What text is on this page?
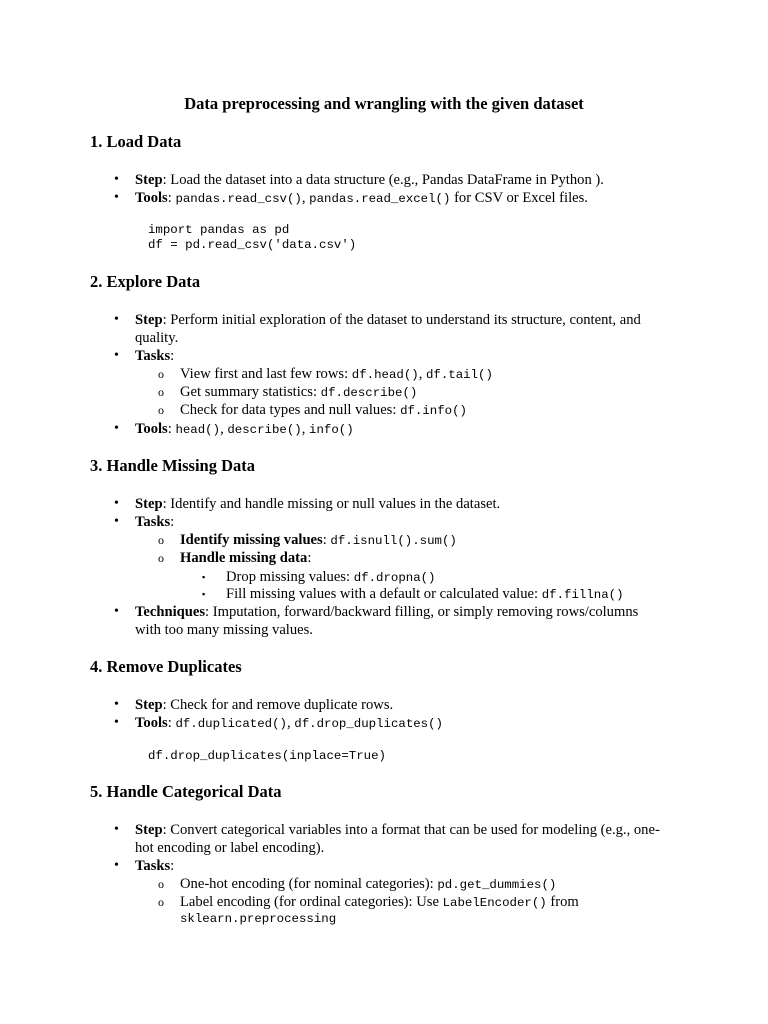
Data preprocessing and wrangling with the given dataset
1. Load Data
• Step: Load the dataset into a data structure (e.g., Pandas DataFrame in Python ).
• Tools: pandas.read_csv(), pandas.read_excel() for CSV or Excel files.
import pandas as pd
df = pd.read_csv('data.csv')
2. Explore Data
• Step: Perform initial exploration of the dataset to understand its structure, content, and
quality.
• Tasks:
o View first and last few rows: df.head(), df.tail()
o Get summary statistics: df.describe()
o Check for data types and null values: df.info()
• Tools: head(), describe(), info()
3. Handle Missing Data
• Step: Identify and handle missing or null values in the dataset.
• Tasks:
o Identify missing values: df.isnull().sum()
o Handle missing data:
▪ Drop missing values: df.dropna()
▪ Fill missing values with a default or calculated value: df.fillna()
• Techniques: Imputation, forward/backward filling, or simply removing rows/columns
with too many missing values.
4. Remove Duplicates
• Step: Check for and remove duplicate rows.
• Tools: df.duplicated(), df.drop_duplicates()
df.drop_duplicates(inplace=True)
5. Handle Categorical Data
• Step: Convert categorical variables into a format that can be used for modeling (e.g., one-
hot encoding or label encoding).
• Tasks:
o One-hot encoding (for nominal categories): pd.get_dummies()
o Label encoding (for ordinal categories): Use LabelEncoder() from
sklearn.preprocessing
